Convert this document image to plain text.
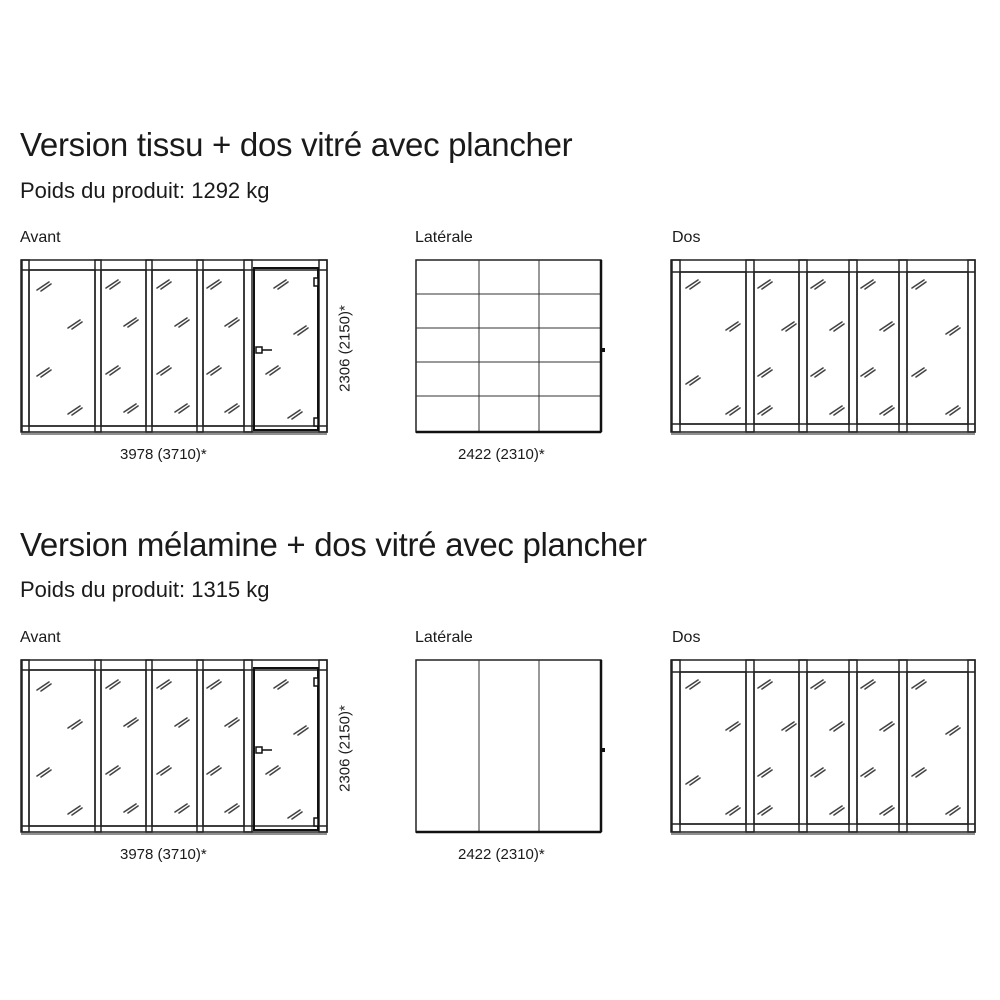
Version tissu + dos vitré avec plancher

Poids du produit: 1292 kg

Avant	Latérale	Dos
3978 (3710)*
2306 (2150)*
2422 (2310)*
Version mélamine + dos vitré avec plancher

Poids du produit: 1315 kg

Avant	Latérale	Dos
3978 (3710)*
2306 (2150)*
2422 (2310)*
